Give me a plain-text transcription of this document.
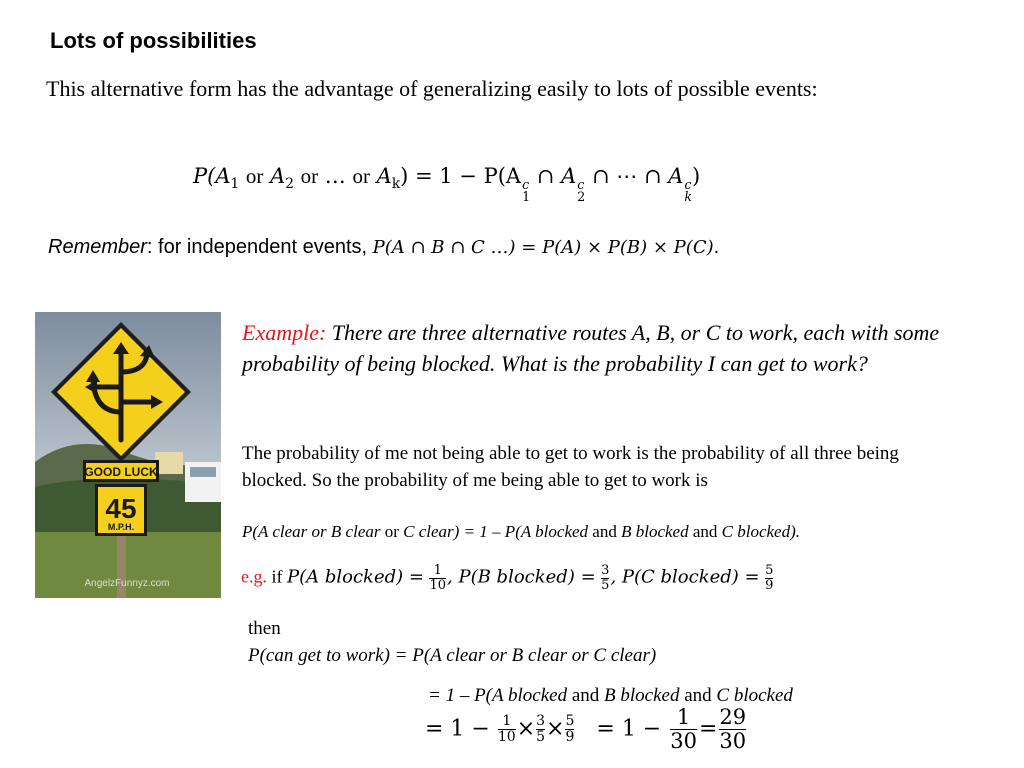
Lots of possibilities
This alternative form has the advantage of generalizing easily to lots of possible events:
$P(A_1$ or $A_2$ or … or $A_k) = 1 - P(A$ c
1
∩ A c
2
∩ ⋯ ∩ A c
k
)
Remember: for independent events, P(A ∩ B ∩ C …) = P(A) × P(B) × P(C).
GOOD LUCK
45
M.P.H.
AngelzFunnyz.com
Example: There are three alternative routes A, B, or C to work, each with some probability of being blocked. What is the probability I can get to work?
The probability of me not being able to get to work is the probability of all three being blocked. So the probability of me being able to get to work is
P(A clear or B clear or C clear) = 1 – P(A blocked and B blocked and C blocked).
e.g. if P(A blocked) = $\frac{1}{10}$ , P(B blocked) = $\frac{3}{5}$ , P(C blocked) = $\frac{5}{9}$
then
P(can get to work) = P(A clear or B clear or C clear)
= 1 – P(A blocked and B blocked and C blocked
= $1 - \frac{1}{10} \times \frac{3}{5} \times \frac{5}{9} = 1 - \frac{1}{30} = \frac{29}{30}$
